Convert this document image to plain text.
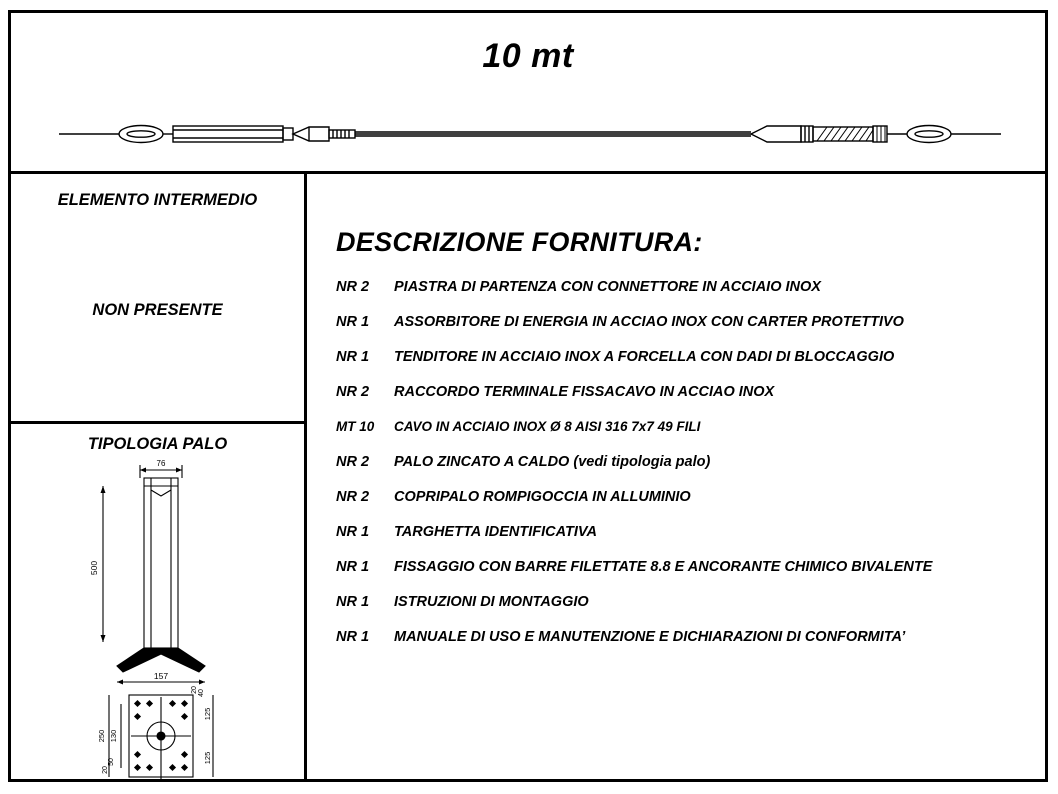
10 mt
ELEMENTO INTERMEDIO
NON PRESENTE
TIPOLOGIA PALO
76
500
157
250 130
50
20
125
125
40
20
DESCRIZIONE FORNITURA:
NR 2	PIASTRA DI PARTENZA CON CONNETTORE IN ACCIAIO INOX
NR 1	ASSORBITORE DI ENERGIA IN ACCIAO INOX CON CARTER PROTETTIVO
NR 1	TENDITORE IN ACCIAIO INOX A FORCELLA CON DADI DI BLOCCAGGIO
NR 2	RACCORDO TERMINALE FISSACAVO IN ACCIAO INOX
MT 10	CAVO IN ACCIAIO INOX Ø 8 AISI 316 7x7 49 FILI
NR 2	PALO ZINCATO A CALDO (vedi tipologia palo)
NR 2	COPRIPALO ROMPIGOCCIA IN ALLUMINIO
NR 1	TARGHETTA IDENTIFICATIVA
NR 1	FISSAGGIO CON BARRE FILETTATE 8.8 E ANCORANTE CHIMICO BIVALENTE
NR 1	ISTRUZIONI DI MONTAGGIO
NR 1	MANUALE DI USO E MANUTENZIONE E DICHIARAZIONI DI CONFORMITA’
